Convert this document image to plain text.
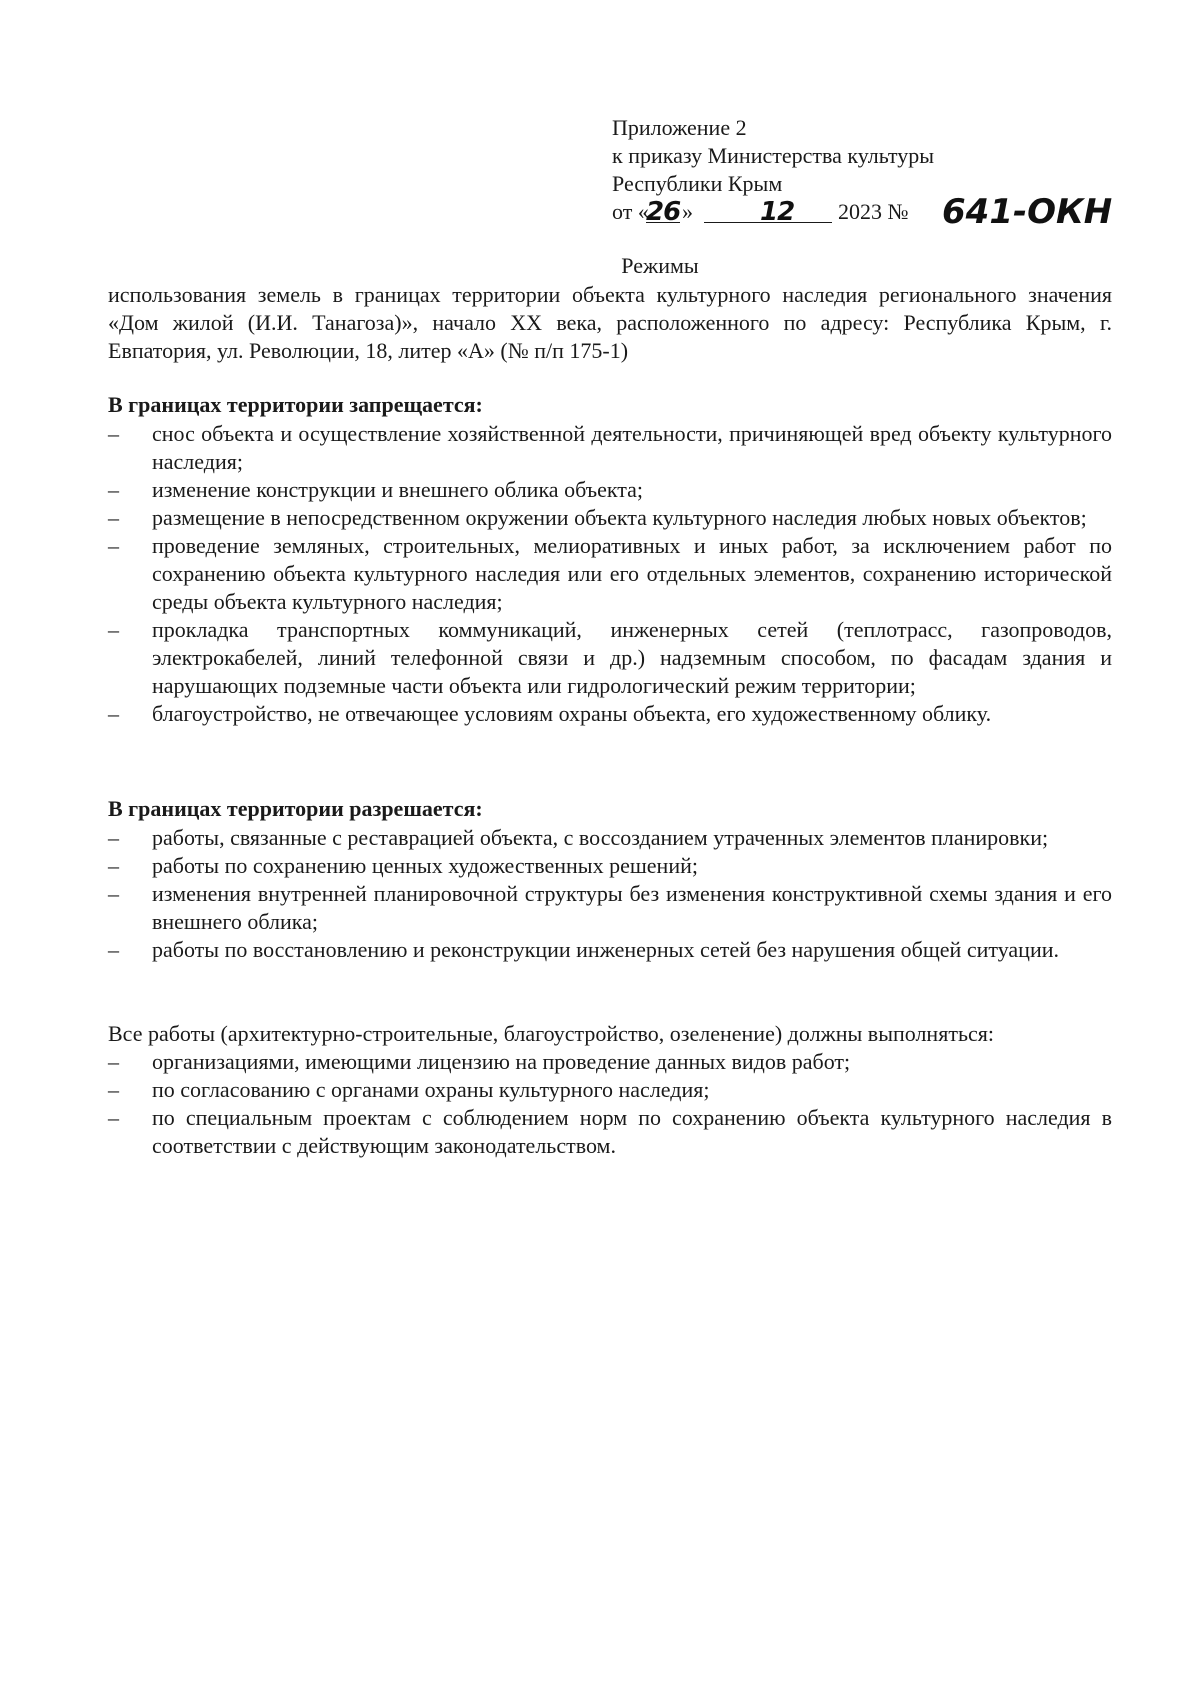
Приложение 2
к приказу Министерства культуры
Республики Крым
от «
26 »	12 2023 № 641-ОКН
Режимы
использования земель в границах территории объекта культурного наследия регионального значения «Дом жилой (И.И. Танагоза)», начало XX века, расположенного по адресу: Республика Крым, г. Евпатория, ул. Революции, 18, литер «А» (№ п/п 175-1)
В границах территории запрещается:
– снос объекта и осуществление хозяйственной деятельности, причиняющей вред объекту культурного наследия;
– изменение конструкции и внешнего облика объекта;
– размещение в непосредственном окружении объекта культурного наследия любых новых объектов;
– проведение земляных, строительных, мелиоративных и иных работ, за исключением работ по сохранению объекта культурного наследия или его отдельных элементов, сохранению исторической среды объекта культурного наследия;
– прокладка транспортных коммуникаций, инженерных сетей (теплотрасс, газопроводов, электрокабелей, линий телефонной связи и др.) надземным способом, по фасадам здания и нарушающих подземные части объекта или гидрологический режим территории;
– благоустройство, не отвечающее условиям охраны объекта, его художественному облику.
В границах территории разрешается:
– работы, связанные с реставрацией объекта, с воссозданием утраченных элементов планировки;
– работы по сохранению ценных художественных решений;
– изменения внутренней планировочной структуры без изменения конструктивной схемы здания и его внешнего облика;
– работы по восстановлению и реконструкции инженерных сетей без нарушения общей ситуации.
Все работы (архитектурно-строительные, благоустройство, озеленение) должны выполняться:
– организациями, имеющими лицензию на проведение данных видов работ;
– по согласованию с органами охраны культурного наследия;
– по специальным проектам с соблюдением норм по сохранению объекта культурного наследия в соответствии с действующим законодательством.
